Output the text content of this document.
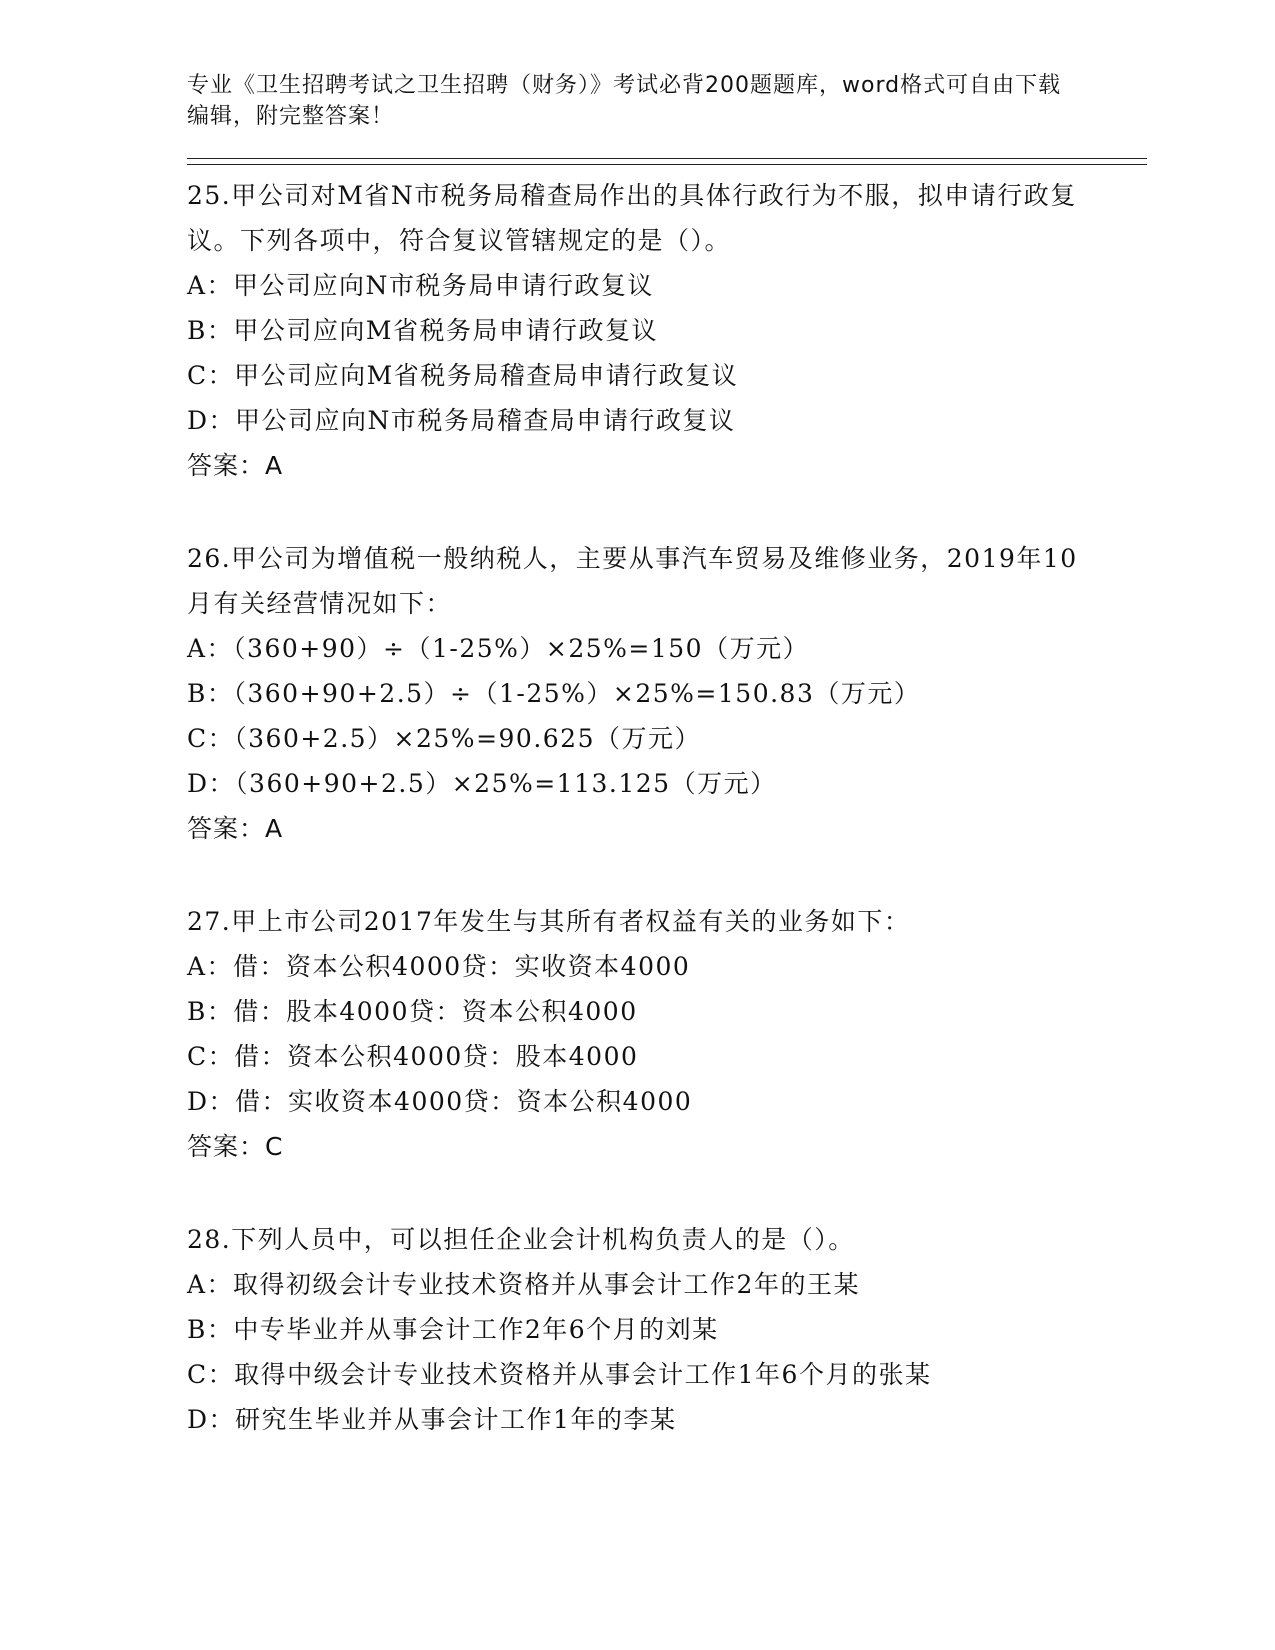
专业《卫生招聘考试之卫生招聘（财务）》考试必背200题题库，word格式可自由下载编辑，附完整答案！
25.甲公司对M省N市税务局稽查局作出的具体行政行为不服，拟申请行政复议。下列各项中，符合复议管辖规定的是（）。
A：甲公司应向N市税务局申请行政复议
B：甲公司应向M省税务局申请行政复议
C：甲公司应向M省税务局稽查局申请行政复议
D：甲公司应向N市税务局稽查局申请行政复议
答案：A
26.甲公司为增值税一般纳税人，主要从事汽车贸易及维修业务，2019年10月有关经营情况如下：
A：（360+90）÷（1-25%）×25%=150（万元）
B：（360+90+2.5）÷（1-25%）×25%=150.83（万元）
C：（360+2.5）×25%=90.625（万元）
D：（360+90+2.5）×25%=113.125（万元）
答案：A
27.甲上市公司2017年发生与其所有者权益有关的业务如下：
A：借：资本公积4000贷：实收资本4000
B：借：股本4000贷：资本公积4000
C：借：资本公积4000贷：股本4000
D：借：实收资本4000贷：资本公积4000
答案：C
28.下列人员中，可以担任企业会计机构负责人的是（）。
A：取得初级会计专业技术资格并从事会计工作2年的王某
B：中专毕业并从事会计工作2年6个月的刘某
C：取得中级会计专业技术资格并从事会计工作1年6个月的张某
D：研究生毕业并从事会计工作1年的李某
